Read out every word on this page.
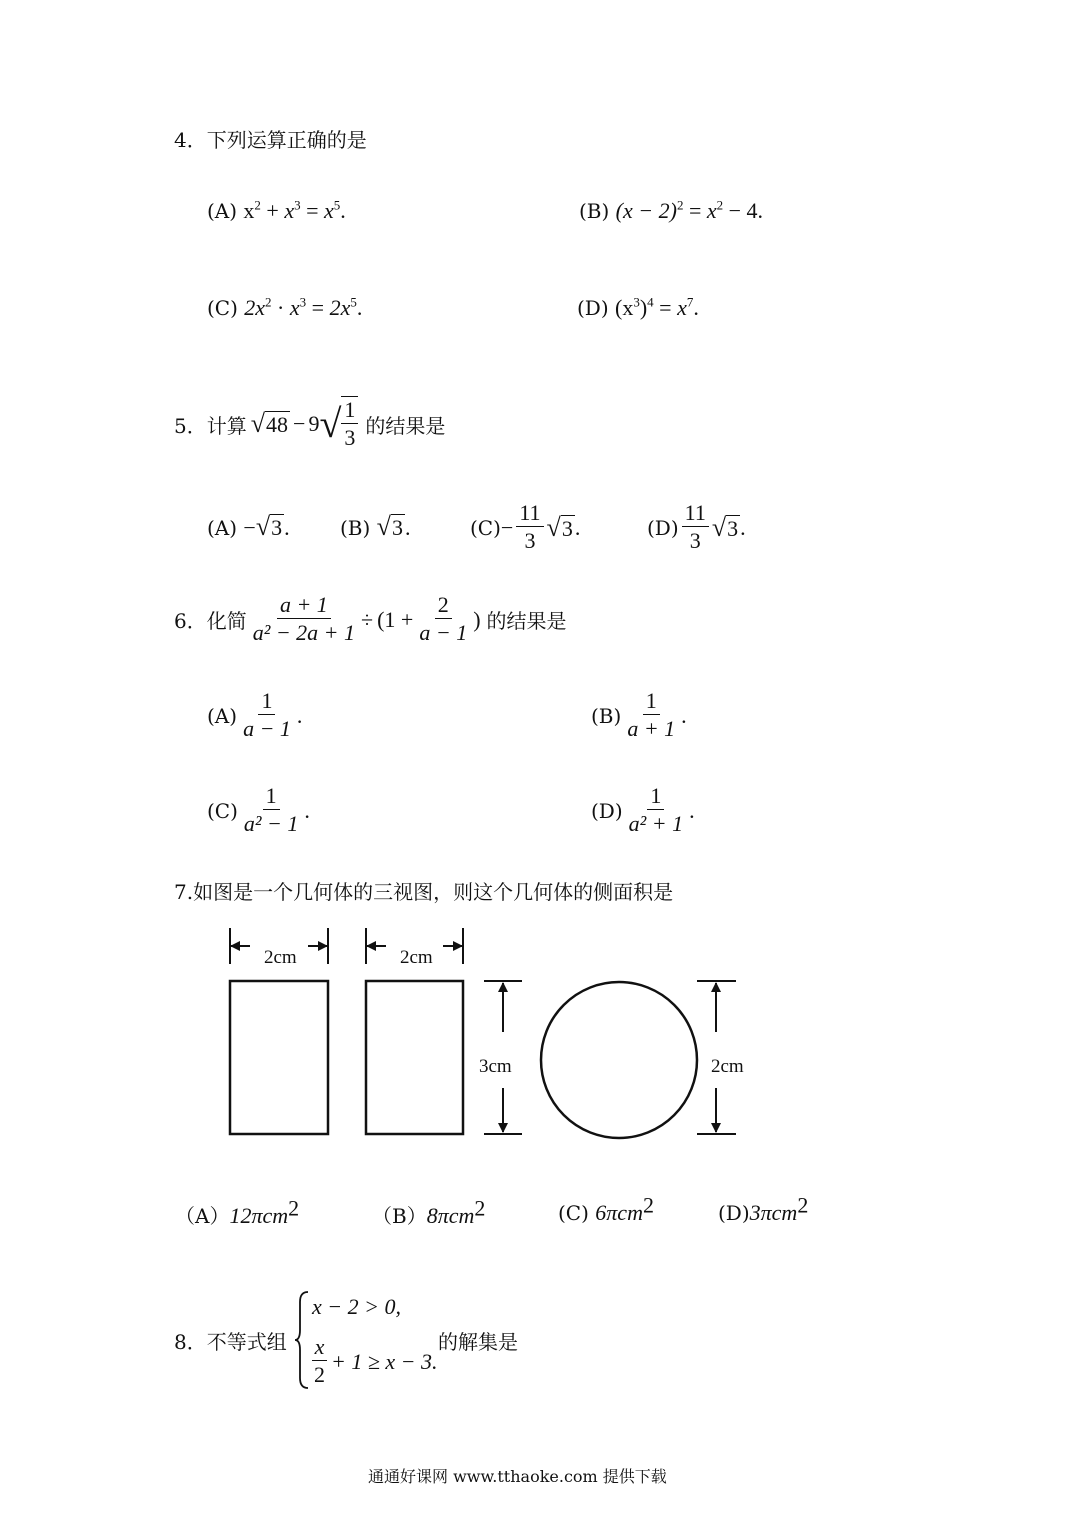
4．下列运算正确的是
(A) $x^2 + x^3 = x^5$.	(B) $(x - 2)^2 = x^2 - 4$.
(C) $2x^2 \cdot x^3 = 2x^5$.	(D) $(x^3)^4 = x^7$.
5．计算 √48 − 9 √ $\frac{1}{3}$ 的结果是
(A) −√3.	(B) √3.	$(C) - \frac{11}{3} √3$ .	$(D) \frac{11}{3} √3$ .
6．化简 $\frac{a + 1}{\text{a² − 2a + 1}} \div (1 + \frac{2}{a - 1}$ ) 的结果是
$(A) \frac{1}{a - 1}$ .	$(B) \frac{1}{a + 1}$ .
$(C) \frac{1}{\text{a² − 1}}$ .	$(D) \frac{1}{\text{a² + 1}}$ .
7.如图是一个几何体的三视图，则这个几何体的侧面积是
2cm	2cm
3cm	2cm
（A）12πcm$^2$	（B）8πcm$^2$	(C) 6πcm$^2$	(D)3πcm$^2$
8．不等式组
x − 2 > 0,
$\frac{x}{2} + 1 \ge x - 3$.
的解集是
通通好课网 www.tthaoke.com 提供下载
